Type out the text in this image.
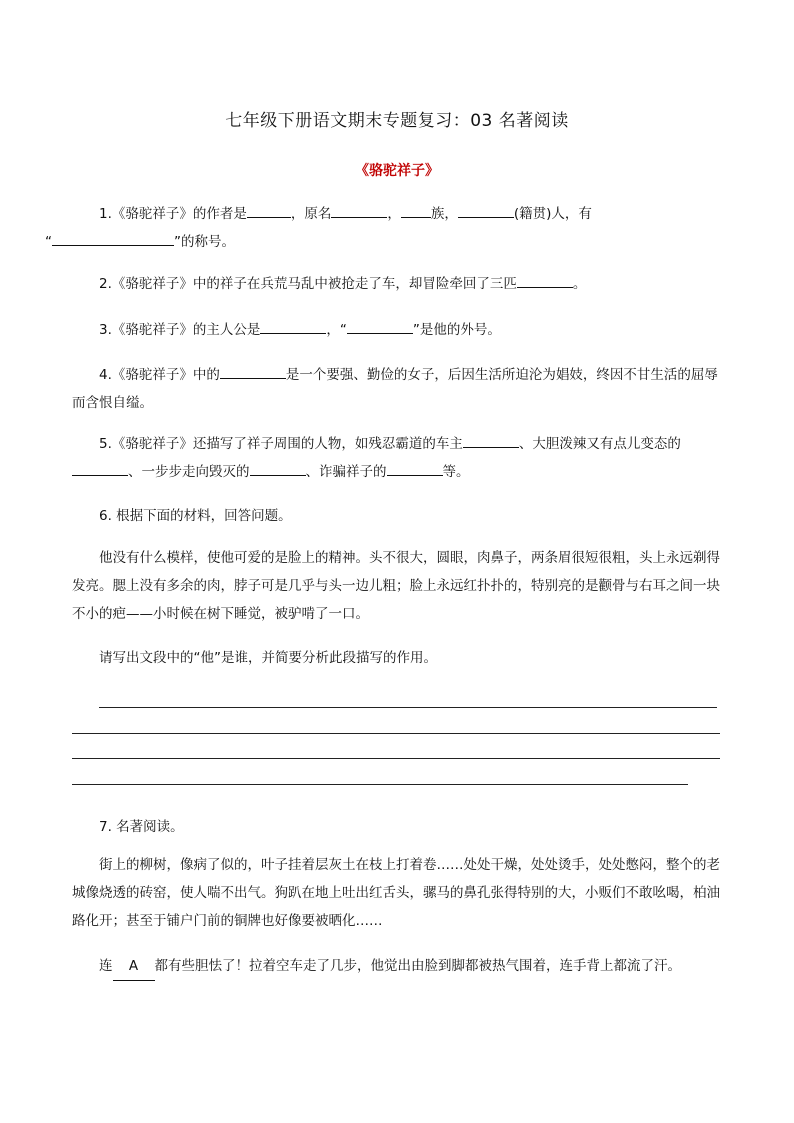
七年级下册语文期末专题复习：03 名著阅读
《骆驼祥子》
1.《骆驼祥子》的作者是	，原名	， 族，	(籍贯)人，有
“	”的称号。
2.《骆驼祥子》中的祥子在兵荒马乱中被抢走了车，却冒险牵回了三匹	。
3.《骆驼祥子》的主人公是	，“	”是他的外号。
4.《骆驼祥子》中的	是一个要强、勤俭的女子，后因生活所迫沦为娼妓，终因不甘生活的屈辱而含恨自缢。
5.《骆驼祥子》还描写了祥子周围的人物，如残忍霸道的车主	、大胆泼辣又有点儿变态的、一步步走向毁灭的	、诈骗祥子的	等。
6. 根据下面的材料，回答问题。
他没有什么模样，使他可爱的是脸上的精神。头不很大，圆眼，肉鼻子，两条眉很短很粗，头上永远剃得发亮。腮上没有多余的肉，脖子可是几乎与头一边儿粗；脸上永远红扑扑的，特别亮的是颧骨与右耳之间一块不小的疤——小时候在树下睡觉，被驴啃了一口。
请写出文段中的“他”是谁，并简要分析此段描写的作用。
7. 名著阅读。
街上的柳树，像病了似的，叶子挂着层灰土在枝上打着卷……处处干燥，处处烫手，处处憋闷，整个的老城像烧透的砖窑，使人喘不出气。狗趴在地上吐出红舌头，骡马的鼻孔张得特别的大，小贩们不敢吆喝，柏油路化开；甚至于铺户门前的铜牌也好像要被晒化……
连 A 都有些胆怯了！拉着空车走了几步，他觉出由脸到脚都被热气围着，连手背上都流了汗。
